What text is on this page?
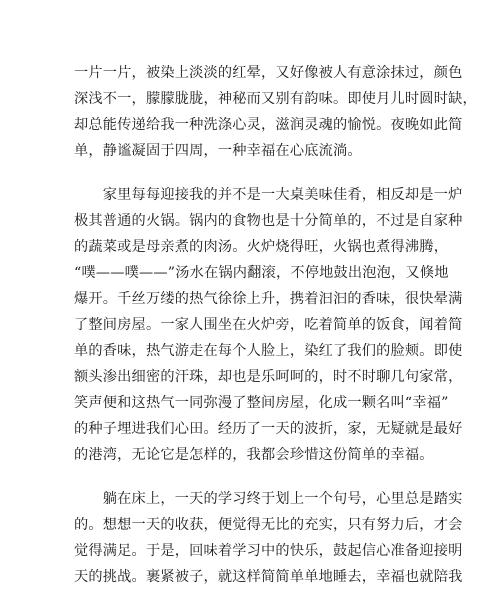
一片一片，被染上淡淡的红晕，又好像被人有意涂抹过，颜色
深浅不一，朦朦胧胧，神秘而又别有韵味。即使月儿时圆时缺，
却总能传递给我一种洗涤心灵，滋润灵魂的愉悦。夜晚如此简
单，静谧凝固于四周，一种幸福在心底流淌。
　　家里每每迎接我的并不是一大桌美味佳肴，相反却是一炉
极其普通的火锅。锅内的食物也是十分简单的，不过是自家种
的蔬菜或是母亲煮的肉汤。火炉烧得旺，火锅也煮得沸腾，
“噗——噗——”汤水在锅内翻滚，不停地鼓出泡泡，又倏地
爆开。千丝万缕的热气徐徐上升，携着汩汩的香味，很快晕满
了整间房屋。一家人围坐在火炉旁，吃着简单的饭食，闻着简
单的香味，热气游走在每个人脸上，染红了我们的脸颊。即使
额头渗出细密的汗珠，却也是乐呵呵的，时不时聊几句家常，
笑声便和这热气一同弥漫了整间房屋，化成一颗名叫“幸福”
的种子埋进我们心田。经历了一天的波折，家，无疑就是最好
的港湾，无论它是怎样的，我都会珍惜这份简单的幸福。
　　躺在床上，一天的学习终于划上一个句号，心里总是踏实
的。想想一天的收获，便觉得无比的充实，只有努力后，才会
觉得满足。于是，回味着学习中的快乐，鼓起信心准备迎接明
天的挑战。裹紧被子，就这样简简单单地睡去，幸福也就陪我
